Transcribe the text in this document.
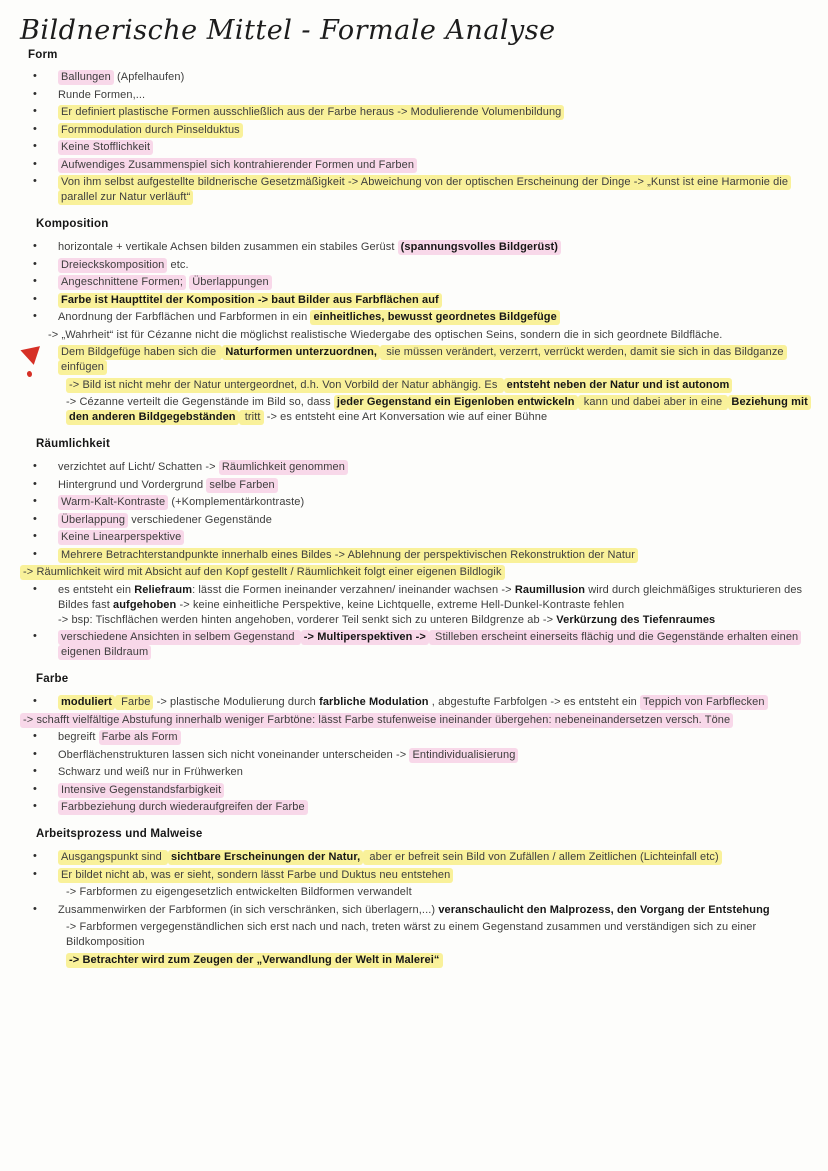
Bildnerische Mittel - Formale Analyse
Form
• Ballungen (Apfelhaufen)
• Runde Formen,...
• Er definiert plastische Formen ausschließlich aus der Farbe heraus -> Modulierende Volumenbildung
• Formmodulation durch Pinselduktus
• Keine Stofflichkeit
• Aufwendiges Zusammenspiel sich kontrahierender Formen und Farben
• Von ihm selbst aufgestellte bildnerische Gesetzmäßigkeit -> Abweichung von der optischen Erscheinung der Dinge -> „Kunst ist eine Harmonie die parallel zur Natur verläuft“
Komposition
• horizontale + vertikale Achsen bilden zusammen ein stabiles Gerüst (spannungsvolles Bildgerüst)
• Dreieckskomposition etc.
• Angeschnittene Formen; Überlappungen
• Farbe ist Haupttitel der Komposition -> baut Bilder aus Farbflächen auf
• Anordnung der Farbflächen und Farbformen in ein einheitliches, bewusst geordnetes Bildgefüge
-> „Wahrheit“ ist für Cézanne nicht die möglichst realistische Wiedergabe des optischen Seins, sondern die in sich geordnete Bildfläche.
Dem Bildgefüge haben sich die Naturformen unterzuordnen, sie müssen verändert, verzerrt, verrückt werden, damit sie sich in das Bildganze einfügen
-> Bild ist nicht mehr der Natur untergeordnet, d.h. Von Vorbild der Natur abhängig. Es entsteht neben der Natur und ist autonom
-> Cézanne verteilt die Gegenstände im Bild so, dass jeder Gegenstand ein Eigenloben entwickeln kann und dabei aber in eine Beziehung mit den anderen Bildgegebständen tritt -> es entsteht eine Art Konversation wie auf einer Bühne
Räumlichkeit
• verzichtet auf Licht/ Schatten -> Räumlichkeit genommen
• Hintergrund und Vordergrund selbe Farben
• Warm-Kalt-Kontraste (+Komplementärkontraste)
• Überlappung verschiedener Gegenstände
• Keine Linearperspektive
• Mehrere Betrachterstandpunkte innerhalb eines Bildes -> Ablehnung der perspektivischen Rekonstruktion der Natur
-> Räumlichkeit wird mit Absicht auf den Kopf gestellt / Räumlichkeit folgt einer eigenen Bildlogik
• es entsteht ein Reliefraum: lässt die Formen ineinander verzahnen/ ineinander wachsen -> Raumillusion wird durch gleichmäßiges strukturieren des Bildes fast aufgehoben -> keine einheitliche Perspektive, keine Lichtquelle, extreme Hell-Dunkel-Kontraste fehlen
-> bsp: Tischflächen werden hinten angehoben, vorderer Teil senkt sich zu unteren Bildgrenze ab -> Verkürzung des Tiefenraumes
• verschiedene Ansichten in selbem Gegenstand -> Multiperspektiven -> Stilleben erscheint einerseits flächig und die Gegenstände erhalten einen eigenen Bildraum
Farbe
• moduliert Farbe -> plastische Modulierung durch farbliche Modulation , abgestufte Farbfolgen -> es entsteht ein Teppich von Farbflecken
-> schafft vielfältige Abstufung innerhalb weniger Farbtöne: lässt Farbe stufenweise ineinander übergehen: nebeneinandersetzen versch. Töne
• begreift Farbe als Form
• Oberflächenstrukturen lassen sich nicht voneinander unterscheiden -> Entindividualisierung
• Schwarz und weiß nur in Frühwerken
• Intensive Gegenstandsfarbigkeit
• Farbbeziehung durch wiederaufgreifen der Farbe
Arbeitsprozess und Malweise
• Ausgangspunkt sind sichtbare Erscheinungen der Natur, aber er befreit sein Bild von Zufällen / allem Zeitlichen (Lichteinfall etc)
• Er bildet nicht ab, was er sieht, sondern lässt Farbe und Duktus neu entstehen
-> Farbformen zu eigengesetzlich entwickelten Bildformen verwandelt
• Zusammenwirken der Farbformen (in sich verschränken, sich überlagern,...) veranschaulicht den Malprozess, den Vorgang der Entstehung
-> Farbformen vergegenständlichen sich erst nach und nach, treten wärst zu einem Gegenstand zusammen und verständigen sich zu einer Bildkomposition
-> Betrachter wird zum Zeugen der „Verwandlung der Welt in Malerei“
